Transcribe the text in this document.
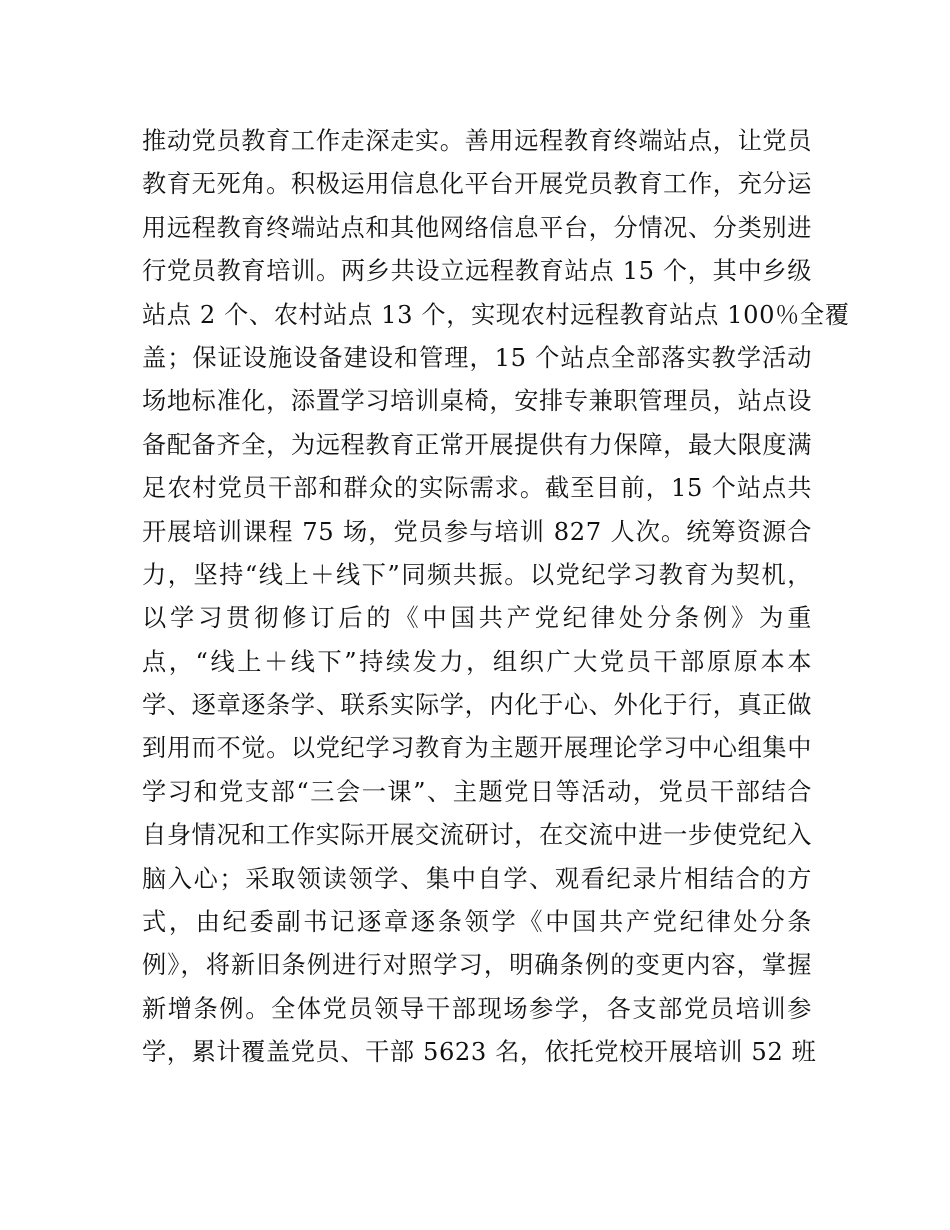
推动党员教育工作走深走实。善用远程教育终端站点，让党员
教育无死角。积极运用信息化平台开展党员教育工作，充分运
用远程教育终端站点和其他网络信息平台，分情况、分类别进
行党员教育培训。两乡共设立远程教育站点 15 个，其中乡级
站点 2 个、农村站点 13 个，实现农村远程教育站点 100％全覆
盖；保证设施设备建设和管理，15 个站点全部落实教学活动
场地标准化，添置学习培训桌椅，安排专兼职管理员，站点设
备配备齐全，为远程教育正常开展提供有力保障，最大限度满
足农村党员干部和群众的实际需求。截至目前，15 个站点共
开展培训课程 75 场，党员参与培训 827 人次。统筹资源合
力，坚持“线上＋线下”同频共振。以党纪学习教育为契机，
以学习贯彻修订后的《中国共产党纪律处分条例》为重
点，“线上＋线下”持续发力，组织广大党员干部原原本本
学、逐章逐条学、联系实际学，内化于心、外化于行，真正做
到用而不觉。以党纪学习教育为主题开展理论学习中心组集中
学习和党支部“三会一课”、主题党日等活动，党员干部结合
自身情况和工作实际开展交流研讨，在交流中进一步使党纪入
脑入心；采取领读领学、集中自学、观看纪录片相结合的方
式，由纪委副书记逐章逐条领学《中国共产党纪律处分条
例》，将新旧条例进行对照学习，明确条例的变更内容，掌握
新增条例。全体党员领导干部现场参学，各支部党员培训参
学，累计覆盖党员、干部 5623 名，依托党校开展培训 52 班
